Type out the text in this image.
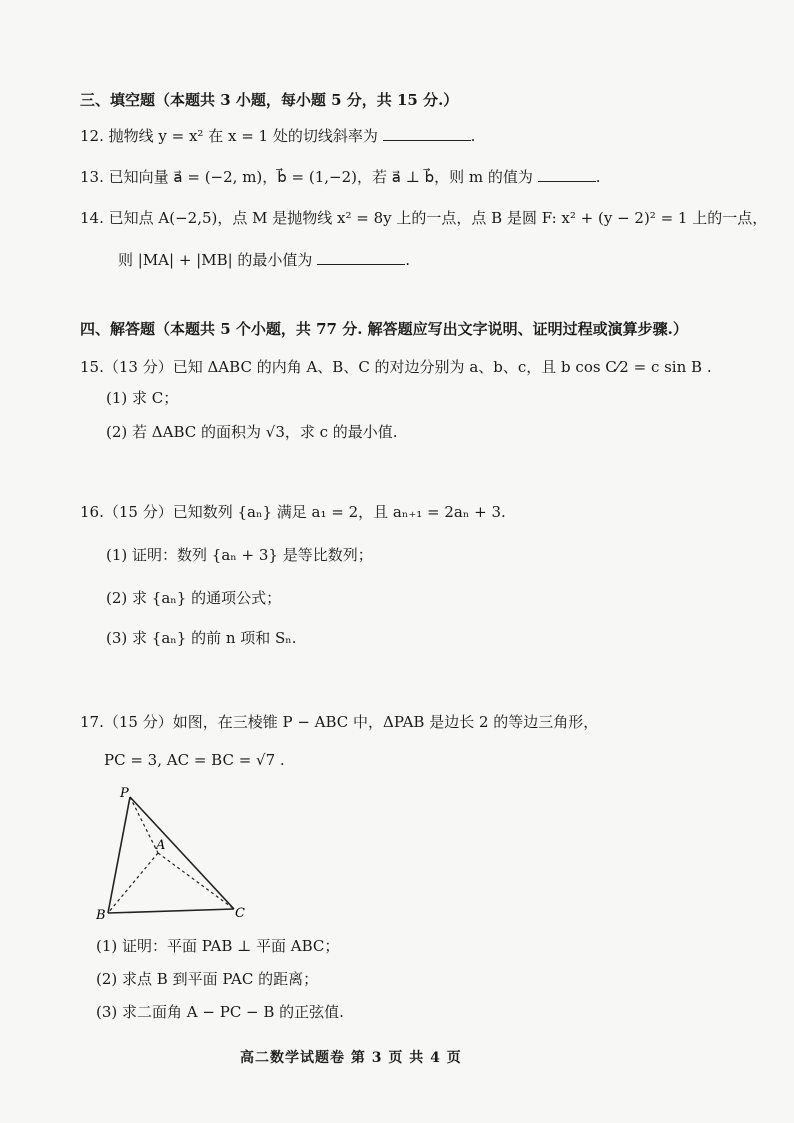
三、填空题（本题共 3 小题，每小题 5 分，共 15 分.）
12. 抛物线 y = x² 在 x = 1 处的切线斜率为	.
13. 已知向量 a⃗ = (−2, m)，b⃗ = (1,−2)，若 a⃗ ⊥ b⃗，则 m 的值为	.
14. 已知点 A(−2,5)，点 M 是抛物线 x² = 8y 上的一点，点 B 是圆 F: x² + (y − 2)² = 1 上的一点，
则 |MA| + |MB| 的最小值为	.
四、解答题（本题共 5 个小题，共 77 分. 解答题应写出文字说明、证明过程或演算步骤.）
15.（13 分）已知 ΔABC 的内角 A、B、C 的对边分别为 a、b、c，且 b cos C⁄2 = c sin B .
(1) 求 C；
(2) 若 ΔABC 的面积为 √3，求 c 的最小值.
16.（15 分）已知数列 {aₙ} 满足 a₁ = 2，且 aₙ₊₁ = 2aₙ + 3.
(1) 证明：数列 {aₙ + 3} 是等比数列；
(2) 求 {aₙ} 的通项公式；
(3) 求 {aₙ} 的前 n 项和 Sₙ.
17.（15 分）如图，在三棱锥 P − ABC 中，ΔPAB 是边长 2 的等边三角形，
PC = 3, AC = BC = √7 .
P
A
B	C
(1) 证明：平面 PAB ⊥ 平面 ABC；
(2) 求点 B 到平面 PAC 的距离；
(3) 求二面角 A − PC − B 的正弦值.
高二数学试题卷 第 3 页 共 4 页
